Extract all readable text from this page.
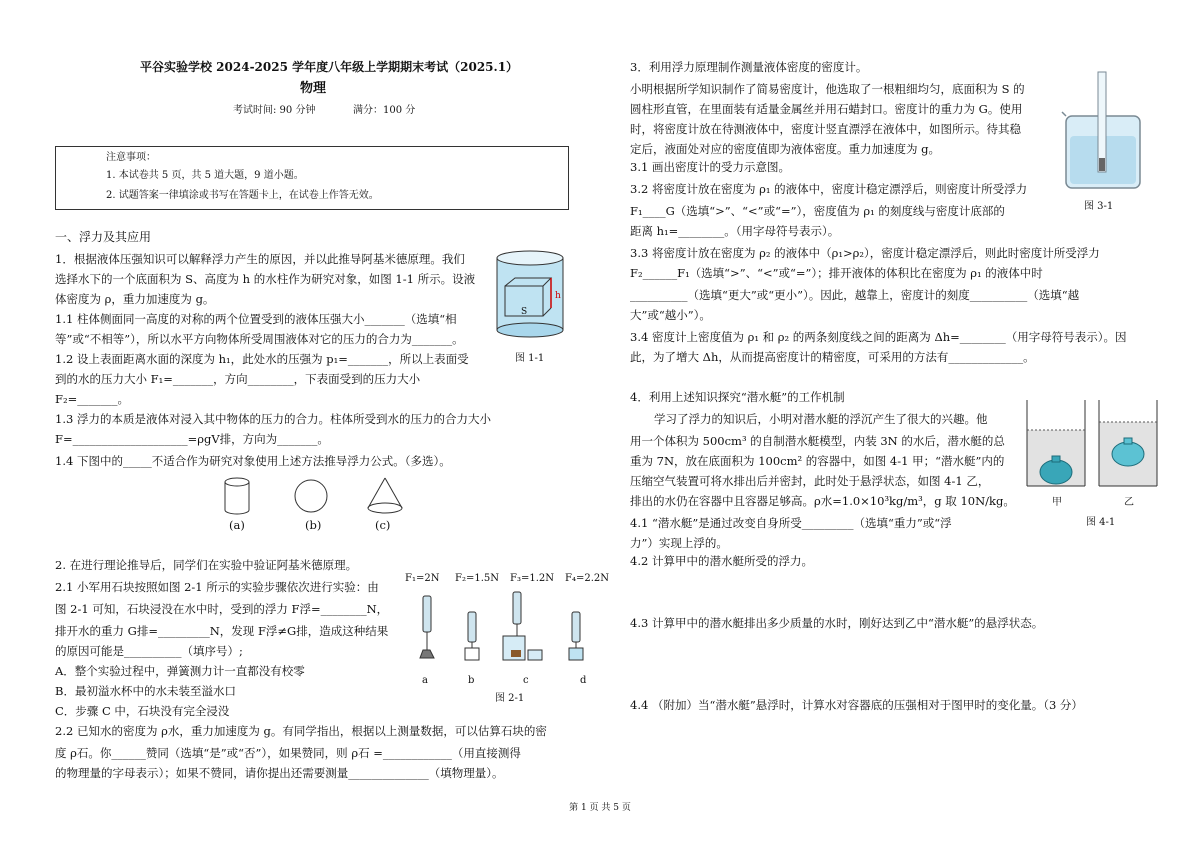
平谷实验学校 2024-2025 学年度八年级上学期期末考试（2025.1）
物理
考试时间: 90 分钟	满分：100 分
注意事项：
1. 本试卷共 5 页，共 5 道大题，9 道小题。
2. 试题答案一律填涂或书写在答题卡上，在试卷上作答无效。
一、浮力及其应用
1．根据液体压强知识可以解释浮力产生的原因，并以此推导阿基米德原理。我们
选择水下的一个底面积为 S、高度为 h 的水柱作为研究对象，如图 1-1 所示。设液
体密度为 ρ，重力加速度为 g。
1.1 柱体侧面同一高度的对称的两个位置受到的液体压强大小_______（选填“相
等”或“不相等”），所以水平方向物体所受周围液体对它的压力的合力为_______。
1.2 设上表面距离水面的深度为 h₁，此处水的压强为 p₁=_______，所以上表面受
到的水的压力大小 F₁=_______，方向________，下表面受到的压力大小
F₂=_______。
1.3 浮力的本质是液体对浸入其中物体的压力的合力。柱体所受到水的压力的合力大小
F=____________________=ρgV排，方向为_______。
1.4 下图中的_____不适合作为研究对象使用上述方法推导浮力公式。（多选）。
h
S
图 1-1
(a)	(b)	(c)
2. 在进行理论推导后，同学们在实验中验证阿基米德原理。
2.1 小军用石块按照如图 2-1 所示的实验步骤依次进行实验：由
图 2-1 可知，石块浸没在水中时，受到的浮力 F浮=________N，
排开水的重力 G排=_________N，发现 F浮≠G排，造成这种结果
的原因可能是__________（填序号）;
A．整个实验过程中，弹簧测力计一直都没有校零
B．最初溢水杯中的水未装至溢水口
C．步骤 C 中，石块没有完全浸没
2.2 已知水的密度为 ρ水，重力加速度为 g。有同学指出，根据以上测量数据，可以估算石块的密
度 ρ石。你______赞同（选填“是”或“否”），如果赞同，则 ρ石 =____________（用直接测得
的物理量的字母表示）；如果不赞同，请你提出还需要测量______________（填物理量）。
F₁=2N F₂=1.5N F₃=1.2N F₄=2.2N
a	b	c	d
图 2-1
3．利用浮力原理制作测量液体密度的密度计。
小明根据所学知识制作了简易密度计，他选取了一根粗细均匀，底面积为 S 的
圆柱形直管，在里面装有适量金属丝并用石蜡封口。密度计的重力为 G。使用
时，将密度计放在待测液体中，密度计竖直漂浮在液体中，如图所示。待其稳
定后，液面处对应的密度值即为液体密度。重力加速度为 g。
3.1 画出密度计的受力示意图。
3.2 将密度计放在密度为 ρ₁ 的液体中，密度计稳定漂浮后，则密度计所受浮力
F₁____G（选填“>”、“<”或“=”），密度值为 ρ₁ 的刻度线与密度计底部的
距离 h₁=________。（用字母符号表示）。
3.3 将密度计放在密度为 ρ₂ 的液体中（ρ₁>ρ₂），密度计稳定漂浮后，则此时密度计所受浮力
F₂______F₁（选填“>”、“<”或“=”）；排开液体的体积比在密度为 ρ₁ 的液体中时
__________（选填“更大”或“更小”）。因此，越靠上，密度计的刻度__________（选填“越
大”或“越小”）。
3.4 密度计上密度值为 ρ₁ 和 ρ₂ 的两条刻度线之间的距离为 Δh=________（用字母符号表示）。因
此，为了增大 Δh，从而提高密度计的精密度，可采用的方法有_____________。
图 3-1
4．利用上述知识探究“潜水艇”的工作机制
学习了浮力的知识后，小明对潜水艇的浮沉产生了很大的兴趣。他
用一个体积为 500cm³ 的自制潜水艇模型，内装 3N 的水后，潜水艇的总
重为 7N，放在底面积为 100cm² 的容器中，如图 4-1 甲；“潜水艇”内的
压缩空气装置可将水排出后并密封，此时处于悬浮状态，如图 4-1 乙，
排出的水仍在容器中且容器足够高。ρ水=1.0×10³kg/m³，g 取 10N/kg。
4.1 “潜水艇”是通过改变自身所受_________（选填“重力”或“浮
力”）实现上浮的。
4.2 计算甲中的潜水艇所受的浮力。
4.3 计算甲中的潜水艇排出多少质量的水时，刚好达到乙中“潜水艇”的悬浮状态。
4.4 （附加）当“潜水艇”悬浮时，计算水对容器底的压强相对于图甲时的变化量。（3 分）
甲	乙
图 4-1
第 1 页 共 5 页
